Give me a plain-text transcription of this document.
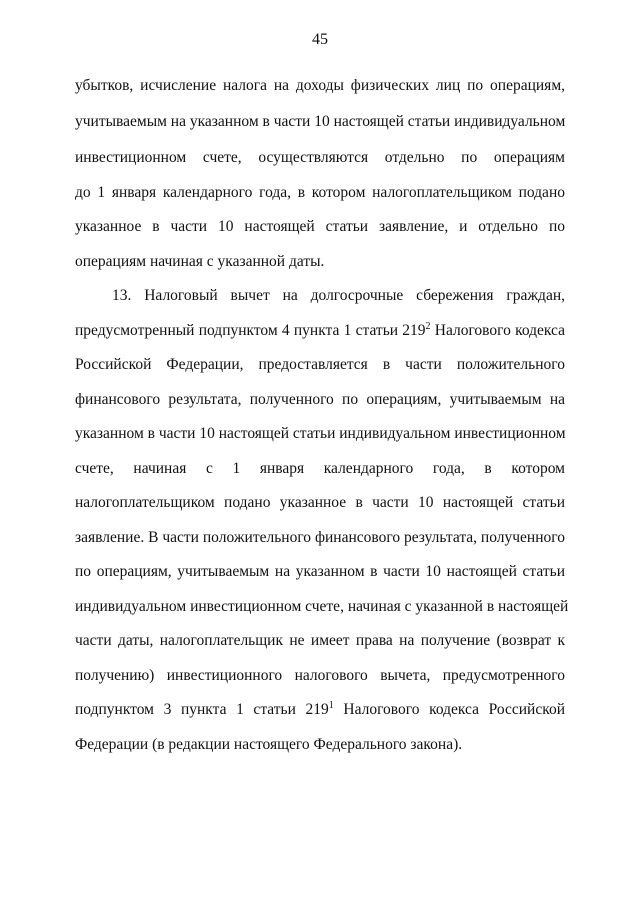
45
убытков, исчисление налога на доходы физических лиц по операциям,
учитываемым на указанном в части 10 настоящей статьи индивидуальном
инвестиционном счете, осуществляются отдельно по операциям
до 1 января календарного года, в котором налогоплательщиком подано
указанное в части 10 настоящей статьи заявление, и отдельно по
операциям начиная с указанной даты.
13. Налоговый вычет на долгосрочные сбережения граждан,
предусмотренный подпунктом 4 пункта 1 статьи $219^2$ Налогового кодекса
Российской Федерации, предоставляется в части положительного
финансового результата, полученного по операциям, учитываемым на
указанном в части 10 настоящей статьи индивидуальном инвестиционном
счете, начиная с 1 января календарного года, в котором
налогоплательщиком подано указанное в части 10 настоящей статьи
заявление. В части положительного финансового результата, полученного
по операциям, учитываемым на указанном в части 10 настоящей статьи
индивидуальном инвестиционном счете, начиная с указанной в настоящей
части даты, налогоплательщик не имеет права на получение (возврат к
получению) инвестиционного налогового вычета, предусмотренного
подпунктом 3 пункта 1 статьи $219^1$ Налогового кодекса Российской
Федерации (в редакции настоящего Федерального закона).
